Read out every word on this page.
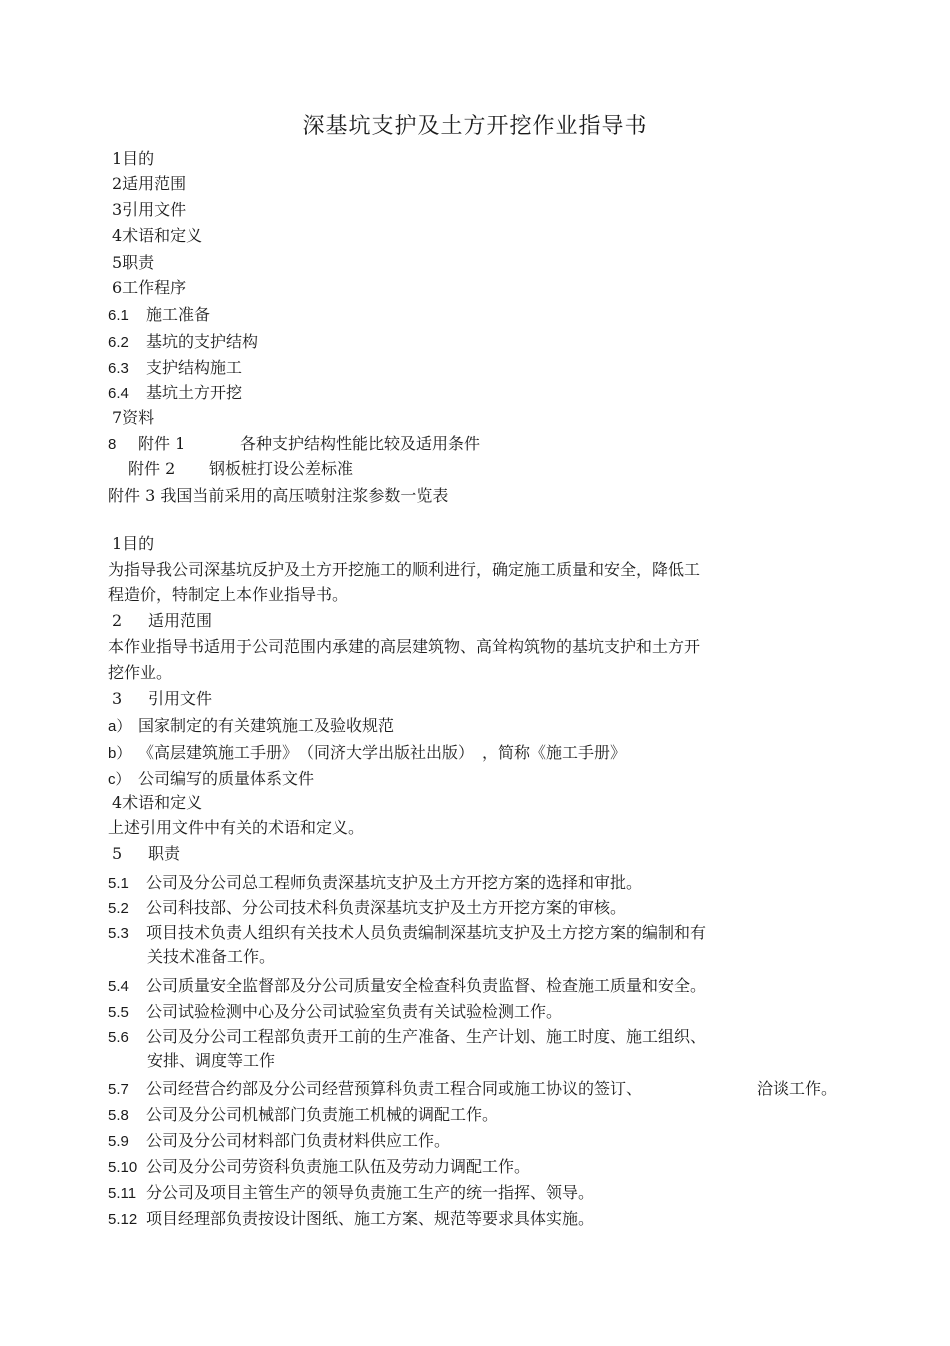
深基坑支护及土方开挖作业指导书
1目的
2适用范围
3引用文件
4术语和定义
5职责
6工作程序
6.1 施工准备
6.2 基坑的支护结构
6.3 支护结构施工
6.4 基坑土方开挖
7资料
8 附件 1	各种支护结构性能比较及适用条件
附件 2 钢板桩打设公差标准
附件 3 我国当前采用的高压喷射注浆参数一览表
1目的
为指导我公司深基坑反护及土方开挖施工的顺利进行，确定施工质量和安全，降低工
程造价，特制定上本作业指导书。
2 适用范围
本作业指导书适用于公司范围内承建的高层建筑物、高耸构筑物的基坑支护和土方开
挖作业。
3 引用文件
a） 国家制定的有关建筑施工及验收规范
b） 《高层建筑施工手册》　（同济大学出版社出版）　，简称《施工手册》
c） 公司编写的质量体系文件
4术语和定义
上述引用文件中有关的术语和定义。
5 职责
5.1 公司及分公司总工程师负责深基坑支护及土方开挖方案的选择和审批。
5.2 公司科技部、分公司技术科负责深基坑支护及土方开挖方案的审核。
5.3 项目技术负责人组织有关技术人员负责编制深基坑支护及土方挖方案的编制和有
关技术准备工作。
5.4 公司质量安全监督部及分公司质量安全检查科负责监督、检查施工质量和安全。
5.5 公司试验检测中心及分公司试验室负责有关试验检测工作。
5.6 公司及分公司工程部负责开工前的生产准备、生产计划、施工时度、施工组织、
安排、调度等工作
5.7 公司经营合约部及分公司经营预算科负责工程合同或施工协议的签订、	洽谈工作。
5.8 公司及分公司机械部门负责施工机械的调配工作。
5.9 公司及分公司材料部门负责材料供应工作。
5.10 公司及分公司劳资科负责施工队伍及劳动力调配工作。
5.11 分公司及项目主管生产的领导负责施工生产的统一指挥、领导。
5.12 项目经理部负责按设计图纸、施工方案、规范等要求具体实施。
